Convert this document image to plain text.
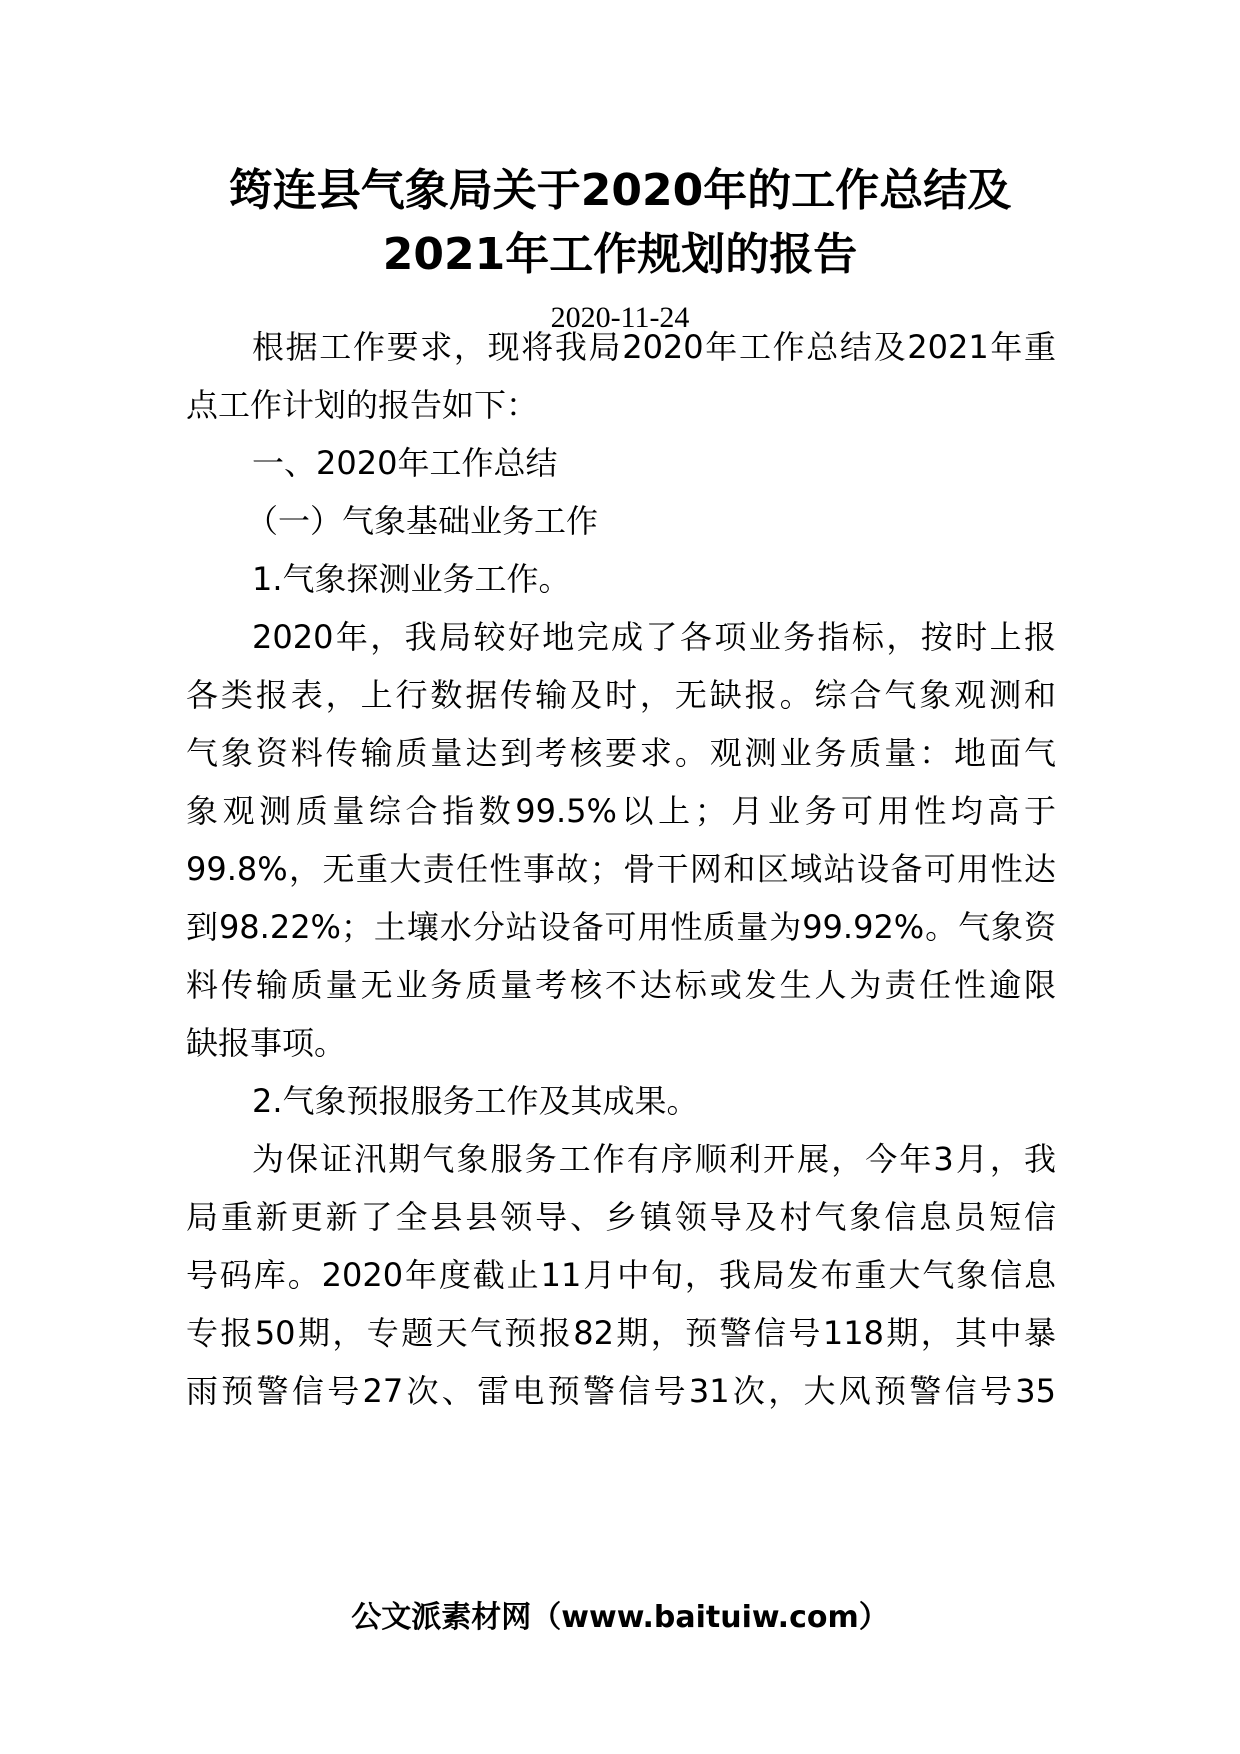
筠连县气象局关于2020年的工作总结及
2021年工作规划的报告
2020-11-24
根据工作要求，现将我局2020年工作总结及2021年重
点工作计划的报告如下：
一、2020年工作总结
（一）气象基础业务工作
1.气象探测业务工作。
2020年，我局较好地完成了各项业务指标，按时上报
各类报表，上行数据传输及时，无缺报。综合气象观测和
气象资料传输质量达到考核要求。观测业务质量：地面气
象观测质量综合指数99.5%以上；月业务可用性均高于
99.8%，无重大责任性事故；骨干网和区域站设备可用性达
到98.22%；土壤水分站设备可用性质量为99.92%。气象资
料传输质量无业务质量考核不达标或发生人为责任性逾限
缺报事项。
2.气象预报服务工作及其成果。
为保证汛期气象服务工作有序顺利开展，今年3月，我
局重新更新了全县县领导、乡镇领导及村气象信息员短信
号码库。2020年度截止11月中旬，我局发布重大气象信息
专报50期，专题天气预报82期，预警信号118期，其中暴
雨预警信号27次、雷电预警信号31次，大风预警信号35
公文派素材网（www.baituiw.com）
